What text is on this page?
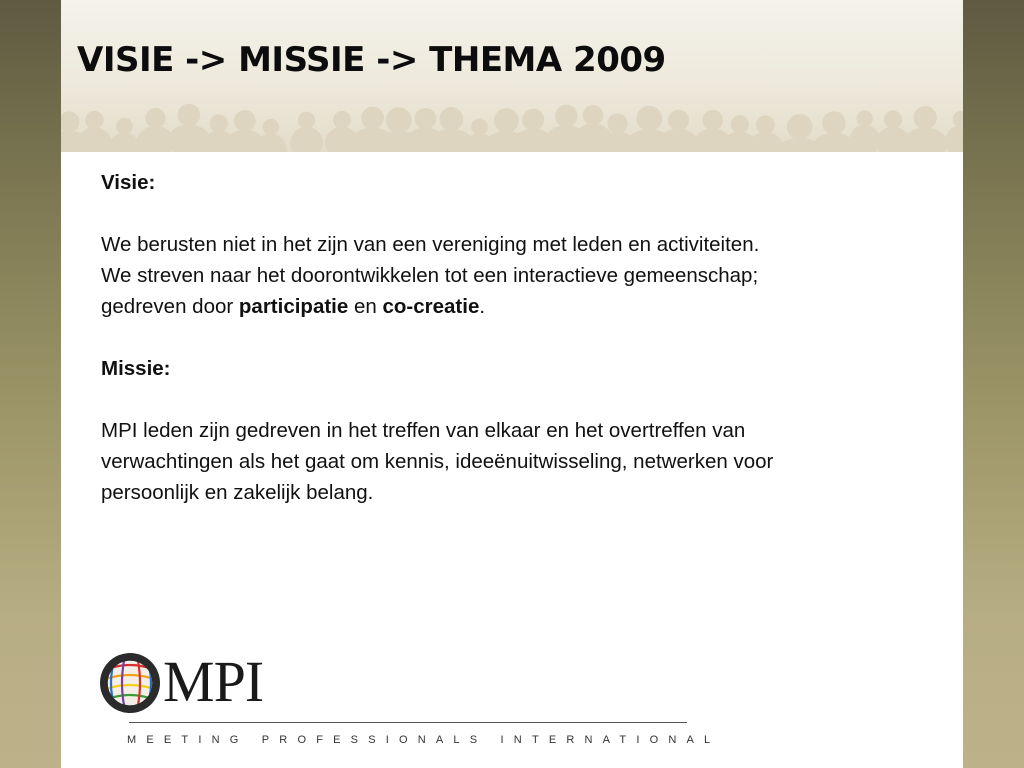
VISIE -> MISSIE -> THEMA 2009

Visie:

We berusten niet in het zijn van een vereniging met leden en activiteiten.

We streven naar het doorontwikkelen tot een interactieve gemeenschap;

gedreven door participatie en co-creatie.

Missie:

MPI leden zijn gedreven in het treffen van elkaar en het overtreffen van

verwachtingen als het gaat om kennis, ideeënuitwisseling, netwerken voor

persoonlijk en zakelijk belang.

MPI
MEETING PROFESSIONALS INTERNATIONAL
